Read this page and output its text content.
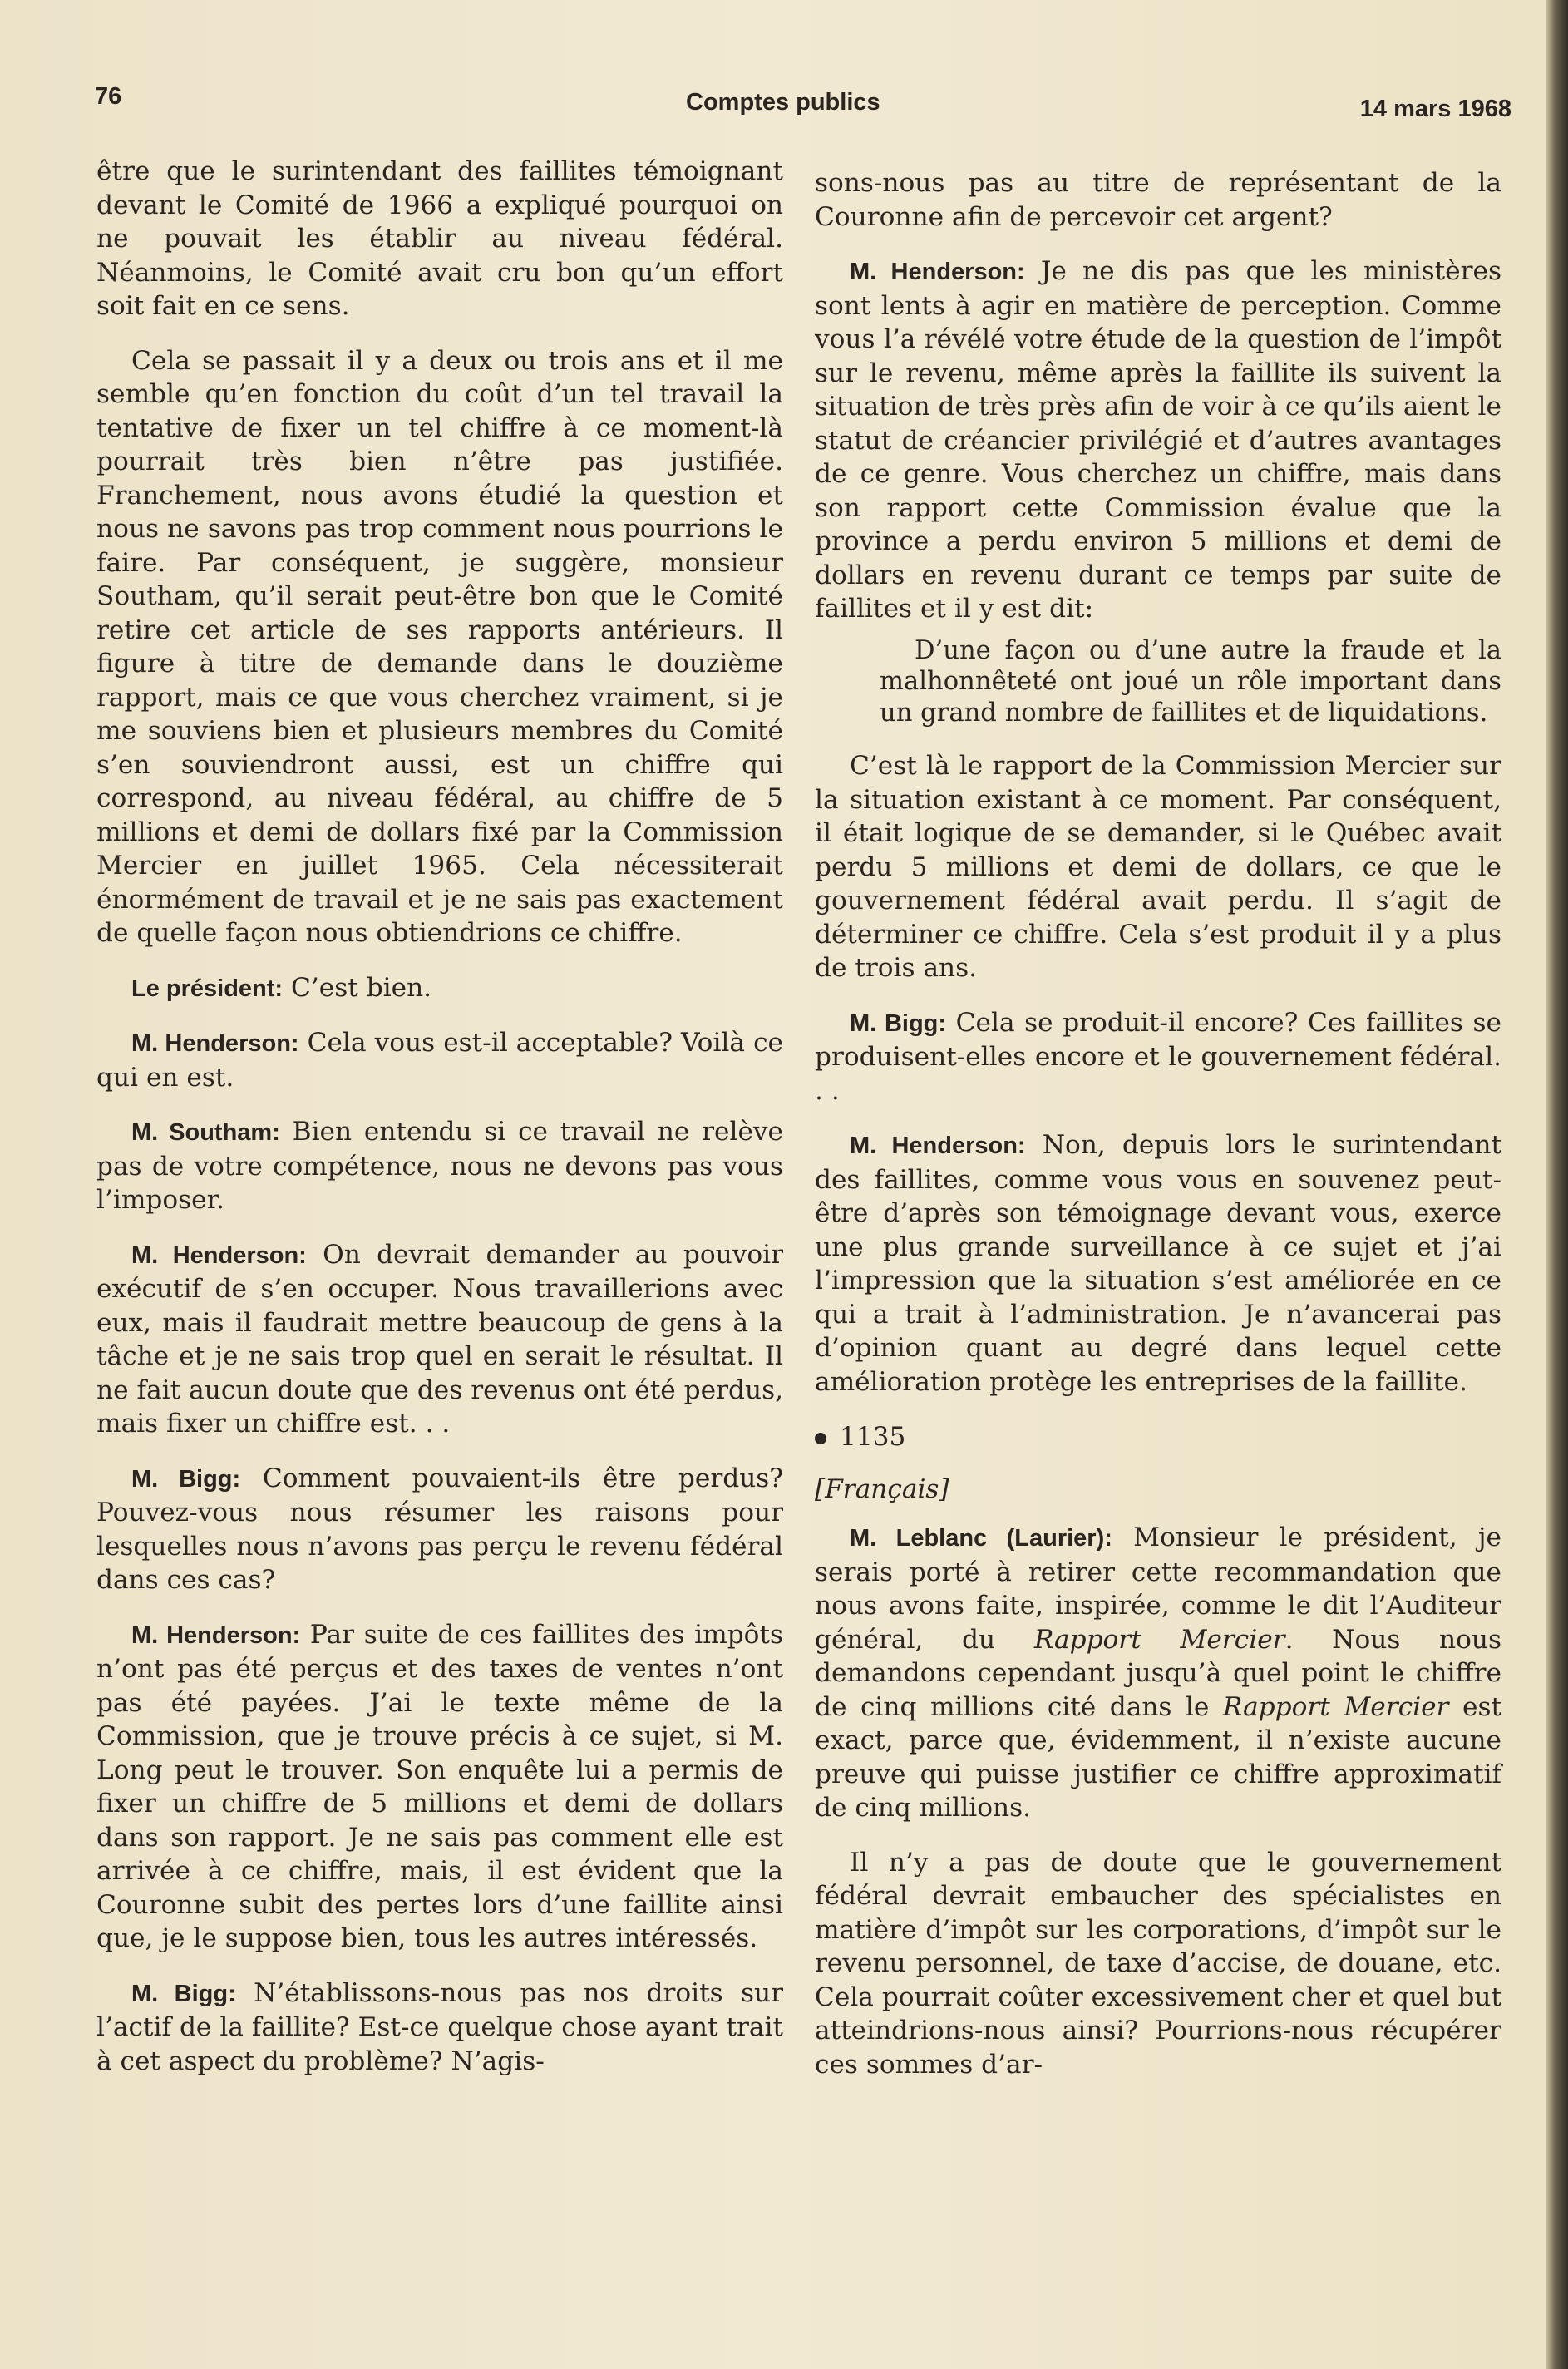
76	Comptes publics	14 mars 1968

être que le surintendant des faillites témoignant devant le Comité de 1966 a expliqué pourquoi on ne pouvait les établir au niveau fédéral. Néanmoins, le Comité avait cru bon qu’un effort soit fait en ce sens.

Cela se passait il y a deux ou trois ans et il me semble qu’en fonction du coût d’un tel travail la tentative de fixer un tel chiffre à ce moment-là pourrait très bien n’être pas justifiée. Franchement, nous avons étudié la question et nous ne savons pas trop comment nous pourrions le faire. Par conséquent, je suggère, monsieur Southam, qu’il serait peut-être bon que le Comité retire cet article de ses rapports antérieurs. Il figure à titre de demande dans le douzième rapport, mais ce que vous cherchez vraiment, si je me souviens bien et plusieurs membres du Comité s’en souviendront aussi, est un chiffre qui correspond, au niveau fédéral, au chiffre de 5 millions et demi de dollars fixé par la Commission Mercier en juillet 1965. Cela nécessiterait énormément de travail et je ne sais pas exactement de quelle façon nous obtiendrions ce chiffre.

Le président: C’est bien.

M. Henderson: Cela vous est-il acceptable? Voilà ce qui en est.

M. Southam: Bien entendu si ce travail ne relève pas de votre compétence, nous ne devons pas vous l’imposer.

M. Henderson: On devrait demander au pouvoir exécutif de s’en occuper. Nous travaillerions avec eux, mais il faudrait mettre beaucoup de gens à la tâche et je ne sais trop quel en serait le résultat. Il ne fait aucun doute que des revenus ont été perdus, mais fixer un chiffre est. . .

M. Bigg: Comment pouvaient-ils être perdus? Pouvez-vous nous résumer les raisons pour lesquelles nous n’avons pas perçu le revenu fédéral dans ces cas?

M. Henderson: Par suite de ces faillites des impôts n’ont pas été perçus et des taxes de ventes n’ont pas été payées. J’ai le texte même de la Commission, que je trouve précis à ce sujet, si M. Long peut le trouver. Son enquête lui a permis de fixer un chiffre de 5 millions et demi de dollars dans son rapport. Je ne sais pas comment elle est arrivée à ce chiffre, mais, il est évident que la Couronne subit des pertes lors d’une faillite ainsi que, je le suppose bien, tous les autres intéressés.

M. Bigg: N’établissons-nous pas nos droits sur l’actif de la faillite? Est-ce quelque chose ayant trait à cet aspect du problème? N’agis-

sons-nous pas au titre de représentant de la Couronne afin de percevoir cet argent?

M. Henderson: Je ne dis pas que les ministères sont lents à agir en matière de perception. Comme vous l’a révélé votre étude de la question de l’impôt sur le revenu, même après la faillite ils suivent la situation de très près afin de voir à ce qu’ils aient le statut de créancier privilégié et d’autres avantages de ce genre. Vous cherchez un chiffre, mais dans son rapport cette Commission évalue que la province a perdu environ 5 millions et demi de dollars en revenu durant ce temps par suite de faillites et il y est dit:

D’une façon ou d’une autre la fraude et la malhonnêteté ont joué un rôle important dans un grand nombre de faillites et de liquidations.

C’est là le rapport de la Commission Mercier sur la situation existant à ce moment. Par conséquent, il était logique de se demander, si le Québec avait perdu 5 millions et demi de dollars, ce que le gouvernement fédéral avait perdu. Il s’agit de déterminer ce chiffre. Cela s’est produit il y a plus de trois ans.

M. Bigg: Cela se produit-il encore? Ces faillites se produisent-elles encore et le gouvernement fédéral. . .

M. Henderson: Non, depuis lors le surintendant des faillites, comme vous vous en souvenez peut-être d’après son témoignage devant vous, exerce une plus grande surveillance à ce sujet et j’ai l’impression que la situation s’est améliorée en ce qui a trait à l’administration. Je n’avancerai pas d’opinion quant au degré dans lequel cette amélioration protège les entreprises de la faillite.

1135

[Français]

M. Leblanc (Laurier): Monsieur le président, je serais porté à retirer cette recommandation que nous avons faite, inspirée, comme le dit l’Auditeur général, du Rapport Mercier. Nous nous demandons cependant jusqu’à quel point le chiffre de cinq millions cité dans le Rapport Mercier est exact, parce que, évidemment, il n’existe aucune preuve qui puisse justifier ce chiffre approximatif de cinq millions.

Il n’y a pas de doute que le gouvernement fédéral devrait embaucher des spécialistes en matière d’impôt sur les corporations, d’impôt sur le revenu personnel, de taxe d’accise, de douane, etc. Cela pourrait coûter excessivement cher et quel but atteindrions-nous ainsi? Pourrions-nous récupérer ces sommes d’ar-
